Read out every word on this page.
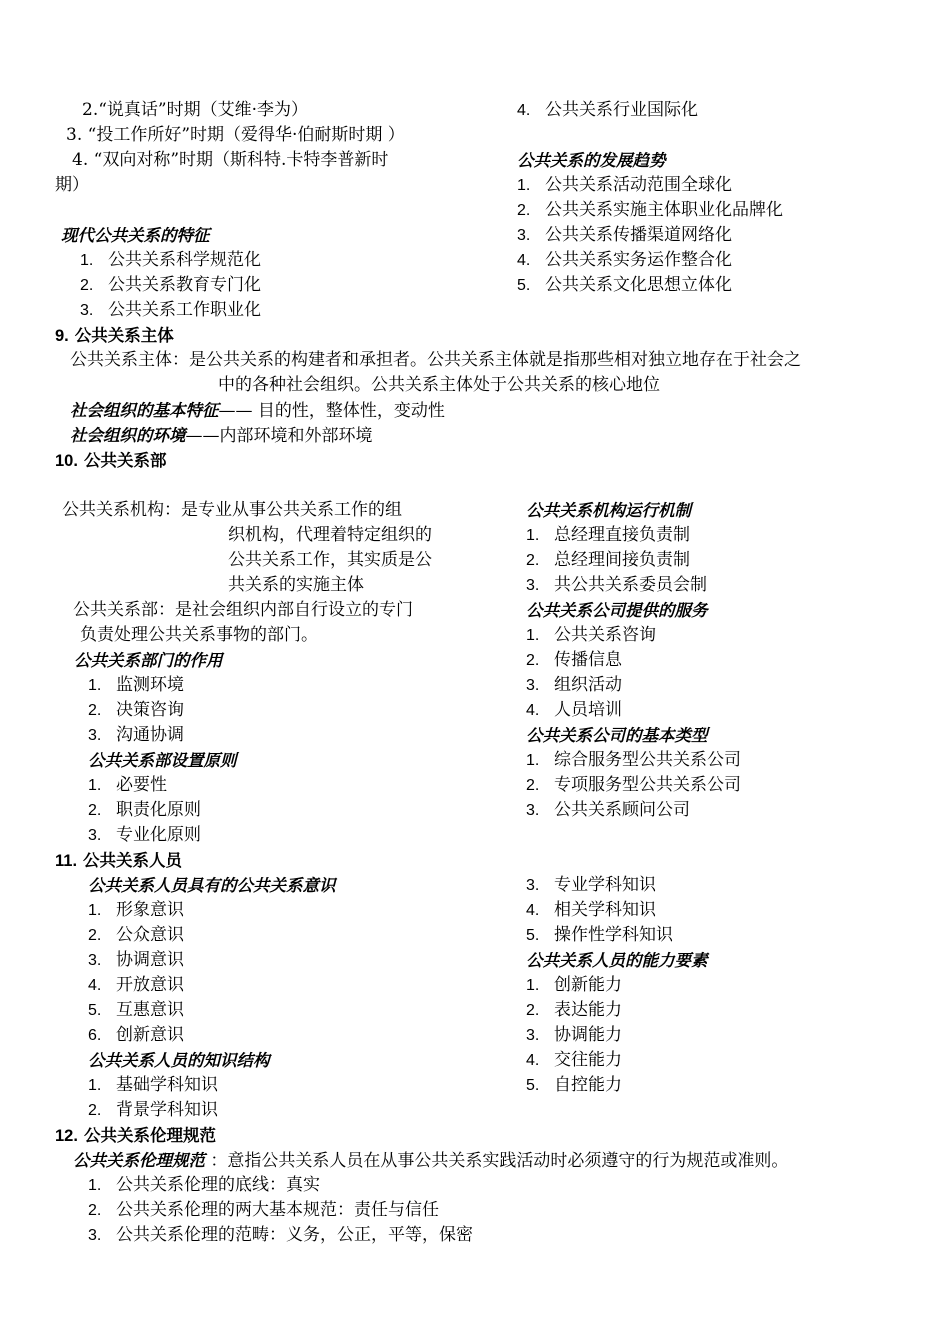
2.“说真话”时期（艾维·李为）
3. “投工作所好”时期（爱得华·伯耐斯时期 ）
4. “双向对称”时期（斯科特.卡特李普新时
期）
现代公共关系的特征
1. 公共关系科学规范化
2. 公共关系教育专门化
3. 公共关系工作职业化
4. 公共关系行业国际化
公共关系的发展趋势
1. 公共关系活动范围全球化
2. 公共关系实施主体职业化品牌化
3. 公共关系传播渠道网络化
4. 公共关系实务运作整合化
5. 公共关系文化思想立体化
9. 公共关系主体
公共关系主体：是公共关系的构建者和承担者。公共关系主体就是指那些相对独立地存在于社会之
中的各种社会组织。公共关系主体处于公共关系的核心地位
社会组织的基本特征—— 目的性，整体性，变动性
社会组织的环境——内部环境和外部环境
10. 公共关系部
公共关系机构：是专业从事公共关系工作的组
织机构，代理着特定组织的
公共关系工作，其实质是公
共关系的实施主体
公共关系部：是社会组织内部自行设立的专门
负责处理公共关系事物的部门。
公共关系部门的作用
1. 监测环境
2. 决策咨询
3. 沟通协调
公共关系部设置原则
1. 必要性
2. 职责化原则
3. 专业化原则
公共关系机构运行机制
1. 总经理直接负责制
2. 总经理间接负责制
3. 共公共关系委员会制
公共关系公司提供的服务
1. 公共关系咨询
2. 传播信息
3. 组织活动
4. 人员培训
公共关系公司的基本类型
1. 综合服务型公共关系公司
2. 专项服务型公共关系公司
3. 公共关系顾问公司
11. 公共关系人员
公共关系人员具有的公共关系意识
1. 形象意识
2. 公众意识
3. 协调意识
4. 开放意识
5. 互惠意识
6. 创新意识
公共关系人员的知识结构
1. 基础学科知识
2. 背景学科知识
3. 专业学科知识
4. 相关学科知识
5. 操作性学科知识
公共关系人员的能力要素
1. 创新能力
2. 表达能力
3. 协调能力
4. 交往能力
5. 自控能力
12. 公共关系伦理规范
公共关系伦理规范 ：意指公共关系人员在从事公共关系实践活动时必须遵守的行为规范或准则。
1. 公共关系伦理的底线：真实
2. 公共关系伦理的两大基本规范：责任与信任
3. 公共关系伦理的范畴：义务，公正，平等，保密
